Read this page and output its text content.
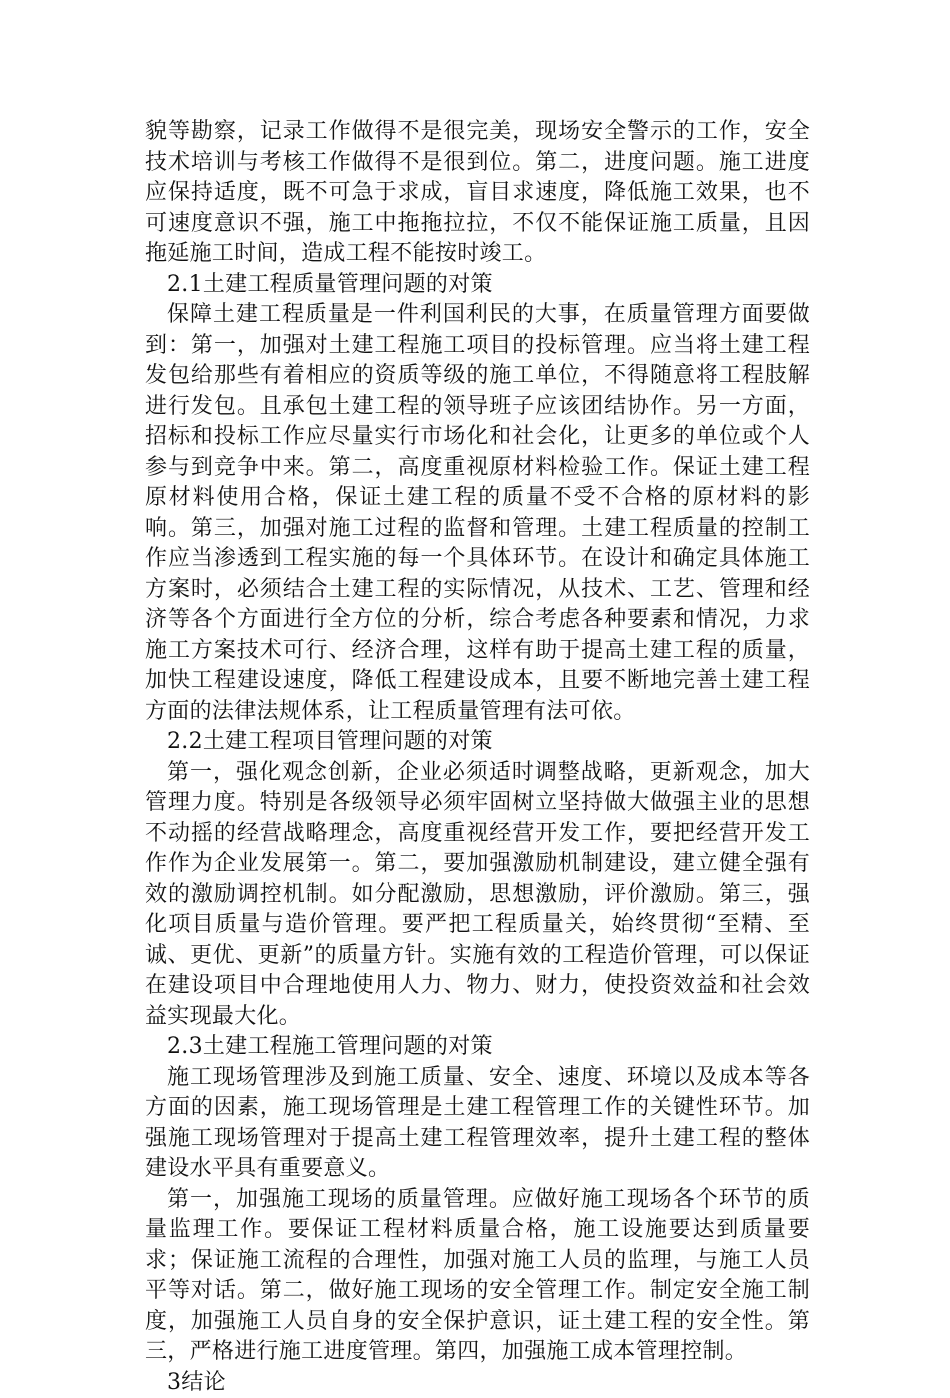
貌等勘察，记录工作做得不是很完美，现场安全警示的工作，安全技术培训与考核工作做得不是很到位。第二，进度问题。施工进度应保持适度，既不可急于求成，盲目求速度，降低施工效果，也不可速度意识不强，施工中拖拖拉拉，不仅不能保证施工质量，且因拖延施工时间，造成工程不能按时竣工。

2.1土建工程质量管理问题的对策

保障土建工程质量是一件利国利民的大事，在质量管理方面要做到：第一，加强对土建工程施工项目的投标管理。应当将土建工程发包给那些有着相应的资质等级的施工单位，不得随意将工程肢解进行发包。且承包土建工程的领导班子应该团结协作。另一方面，招标和投标工作应尽量实行市场化和社会化，让更多的单位或个人参与到竞争中来。第二，高度重视原材料检验工作。保证土建工程原材料使用合格，保证土建工程的质量不受不合格的原材料的影响。第三，加强对施工过程的监督和管理。土建工程质量的控制工作应当渗透到工程实施的每一个具体环节。在设计和确定具体施工方案时，必须结合土建工程的实际情况，从技术、工艺、管理和经济等各个方面进行全方位的分析，综合考虑各种要素和情况，力求施工方案技术可行、经济合理，这样有助于提高土建工程的质量，加快工程建设速度，降低工程建设成本，且要不断地完善土建工程方面的法律法规体系，让工程质量管理有法可依。

2.2土建工程项目管理问题的对策

第一，强化观念创新，企业必须适时调整战略，更新观念，加大管理力度。特别是各级领导必须牢固树立坚持做大做强主业的思想不动摇的经营战略理念，高度重视经营开发工作，要把经营开发工作作为企业发展第一。第二，要加强激励机制建设，建立健全强有效的激励调控机制。如分配激励，思想激励，评价激励。第三，强化项目质量与造价管理。要严把工程质量关，始终贯彻“至精、至诚、更优、更新”的质量方针。实施有效的工程造价管理，可以保证在建设项目中合理地使用人力、物力、财力，使投资效益和社会效益实现最大化。

2.3土建工程施工管理问题的对策

施工现场管理涉及到施工质量、安全、速度、环境以及成本等各方面的因素，施工现场管理是土建工程管理工作的关键性环节。加强施工现场管理对于提高土建工程管理效率，提升土建工程的整体建设水平具有重要意义。

第一，加强施工现场的质量管理。应做好施工现场各个环节的质量监理工作。要保证工程材料质量合格，施工设施要达到质量要求；保证施工流程的合理性，加强对施工人员的监理，与施工人员平等对话。第二，做好施工现场的安全管理工作。制定安全施工制度，加强施工人员自身的安全保护意识，证土建工程的安全性。第三，严格进行施工进度管理。第四，加强施工成本管理控制。

3结论
